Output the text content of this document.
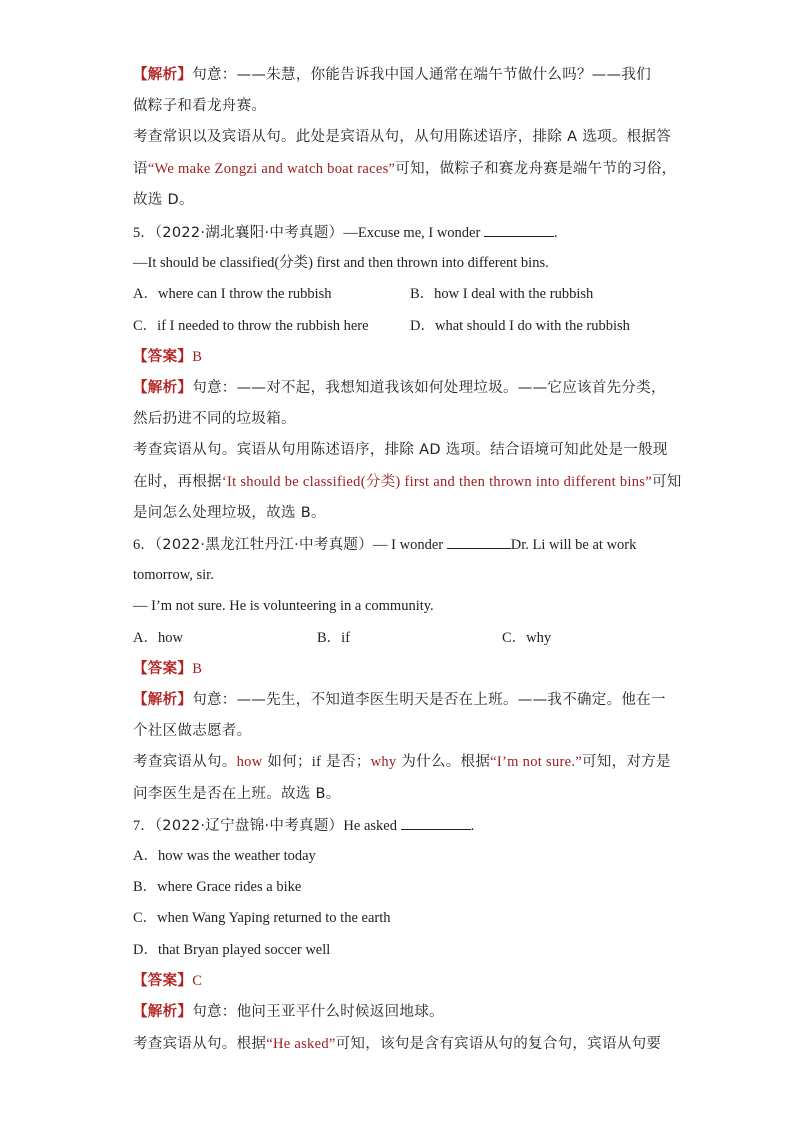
【解析】句意：——朱慧，你能告诉我中国人通常在端午节做什么吗？——我们
做粽子和看龙舟赛。
考查常识以及宾语从句。此处是宾语从句，从句用陈述语序，排除 A 选项。根据答
语“We make Zongzi and watch boat races”可知，做粽子和赛龙舟赛是端午节的习俗，
故选 D。
5．（2022·湖北襄阳·中考真题）—Excuse me, I wonder	.
—It should be classified(分类) first and then thrown into different bins.
A．where can I throw the rubbish	B．how I deal with the rubbish
C．if I needed to throw the rubbish here	D．what should I do with the rubbish
【答案】B
【解析】句意：——对不起，我想知道我该如何处理垃圾。——它应该首先分类，
然后扔进不同的垃圾箱。
考查宾语从句。宾语从句用陈述语序，排除 AD 选项。结合语境可知此处是一般现
在时，再根据‘It should be classified(分类) first and then thrown into different bins”可知
是问怎么处理垃圾，故选 B。
6．（2022·黑龙江牡丹江·中考真题）— I wonder	Dr. Li will be at work
tomorrow, sir.
— I’m not sure. He is volunteering in a community.
A．how	B．if	C．why
【答案】B
【解析】句意：——先生，不知道李医生明天是否在上班。——我不确定。他在一
个社区做志愿者。
考查宾语从句。how 如何；if 是否；why 为什么。根据“I’m not sure.”可知，对方是
问李医生是否在上班。故选 B。
7．（2022·辽宁盘锦·中考真题）He asked	.
A．how was the weather today
B．where Grace rides a bike
C．when Wang Yaping returned to the earth
D．that Bryan played soccer well
【答案】C
【解析】句意：他问王亚平什么时候返回地球。
考查宾语从句。根据“He asked”可知，该句是含有宾语从句的复合句，宾语从句要
